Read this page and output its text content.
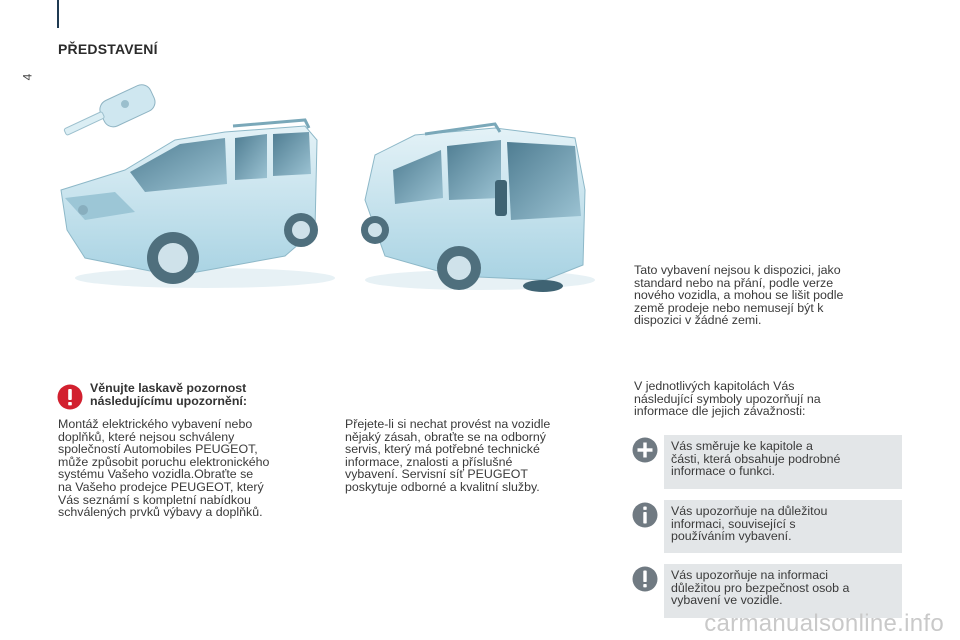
4
PŘEDSTAVENÍ
Tato vybavení nejsou k dispozici, jako
standard nebo na přání, podle verze
nového vozidla, a mohou se lišit podle
země prodeje nebo nemusejí být k
dispozici v žádné zemi.
Věnujte laskavě pozornost
následujícímu upozornění:
Montáž elektrického vybavení nebo
doplňků, které nejsou schváleny
společností Automobiles PEUGEOT,
může způsobit poruchu elektronického
systému Vašeho vozidla.Obraťte se
na Vašeho prodejce PEUGEOT, který
Vás seznámí s kompletní nabídkou
schválených prvků výbavy a doplňků.
Přejete-li si nechat provést na vozidle
nějaký zásah, obraťte se na odborný
servis, který má potřebné technické
informace, znalosti a příslušné
vybavení. Servisní síť PEUGEOT
poskytuje odborné a kvalitní služby.
V jednotlivých kapitolách Vás
následující symboly upozorňují na
informace dle jejich závažnosti:
Vás směruje ke kapitole a
části, která obsahuje podrobné
informace o funkci.
Vás upozorňuje na důležitou
informaci, související s
používáním vybavení.
Vás upozorňuje na informaci
důležitou pro bezpečnost osob a
vybavení ve vozidle.
carmanualsonline.info
